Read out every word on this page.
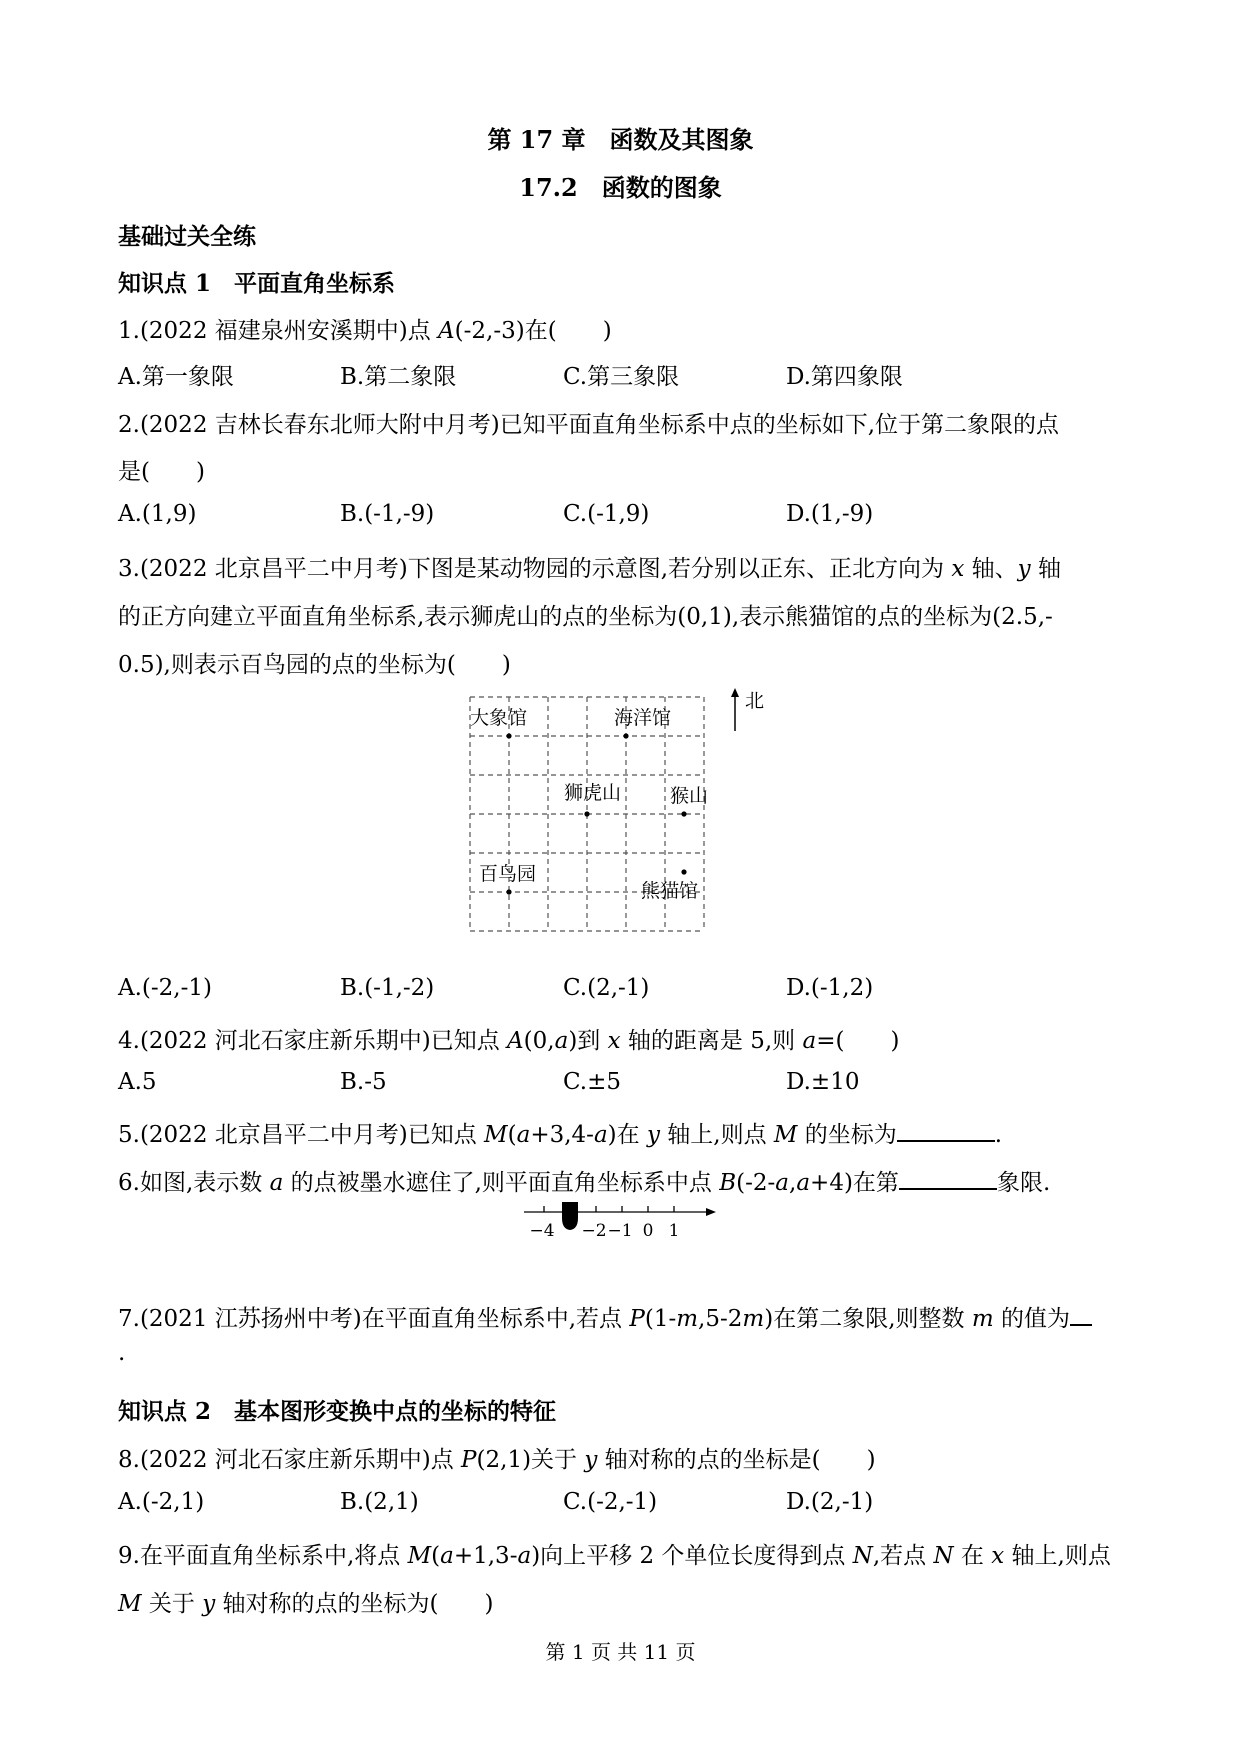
第 17 章　函数及其图象
17.2　函数的图象
基础过关全练
知识点 1　平面直角坐标系
1.(2022 福建泉州安溪期中)点 A(-2,-3)在(　　)
A.第一象限	B.第二象限	C.第三象限	D.第四象限
2.(2022 吉林长春东北师大附中月考)已知平面直角坐标系中点的坐标如下,位于第二象限的点
是(　　)
A.(1,9)	B.(-1,-9)	C.(-1,9)	D.(1,-9)
3.(2022 北京昌平二中月考)下图是某动物园的示意图,若分别以正东、正北方向为 x 轴、y 轴
的正方向建立平面直角坐标系,表示狮虎山的点的坐标为(0,1),表示熊猫馆的点的坐标为(2.5,-
0.5),则表示百鸟园的点的坐标为(　　)
大象馆	海洋馆
狮虎山	猴山
百鸟园
熊猫馆
北
A.(-2,-1)	B.(-1,-2)	C.(2,-1)	D.(-1,2)
4.(2022 河北石家庄新乐期中)已知点 A(0,a)到 x 轴的距离是 5,则 a=(　　)
A.5	B.-5	C.±5	D.±10
5.(2022 北京昌平二中月考)已知点 M(a+3,4-a)在 y 轴上,则点 M 的坐标为	.
6.如图,表示数 a 的点被墨水遮住了,则平面直角坐标系中点 B(-2-a,a+4)在第	象限.
−4 −2 −1 0 1
7.(2021 江苏扬州中考)在平面直角坐标系中,若点 P(1-m,5-2m)在第二象限,则整数 m 的值为
.
知识点 2　基本图形变换中点的坐标的特征
8.(2022 河北石家庄新乐期中)点 P(2,1)关于 y 轴对称的点的坐标是(　　)
A.(-2,1)	B.(2,1)	C.(-2,-1)	D.(2,-1)
9.在平面直角坐标系中,将点 M(a+1,3-a)向上平移 2 个单位长度得到点 N,若点 N 在 x 轴上,则点
M 关于 y 轴对称的点的坐标为(　　)
第 1 页 共 11 页
